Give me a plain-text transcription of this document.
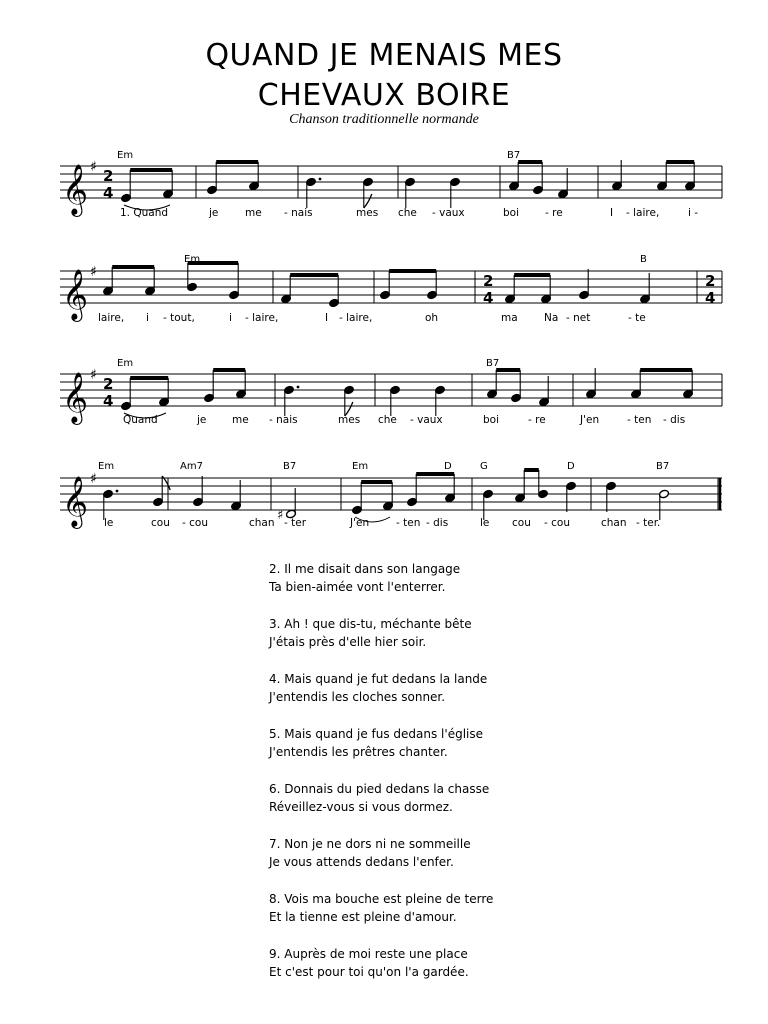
QUAND JE MENAIS MES
CHEVAUX BOIRE
Chanson traditionnelle normande
𝄞 ♯ 2
4
Em	B7
1. Quand	je	me - nais	mes che - vaux	boi - re	I - laire,	i -
𝄞 ♯	2
4
2
4
Em	B
laire, i - tout,	i - laire,	I - laire,	oh	ma	Na - net	- te
𝄞 ♯ 2
4
Em	B7
Quand	je me - nais	mes che - vaux	boi	- re	J'en	- ten - dis
𝄞 ♯
♯
Em	Am7	B7	Em	D	G	D	B7
le	cou - cou	chan - ter	J'en	- ten - dis	le cou - cou	chan - ter.
2. Il me disait dans son langage
Ta bien-aimée vont l'enterrer.
3. Ah ! que dis-tu, méchante bête
J'étais près d'elle hier soir.
4. Mais quand je fut dedans la lande
J'entendis les cloches sonner.
5. Mais quand je fus dedans l'église
J'entendis les prêtres chanter.
6. Donnais du pied dedans la chasse
Réveillez-vous si vous dormez.
7. Non je ne dors ni ne sommeille
Je vous attends dedans l'enfer.
8. Vois ma bouche est pleine de terre
Et la tienne est pleine d'amour.
9. Auprès de moi reste une place
Et c'est pour toi qu'on l'a gardée.
